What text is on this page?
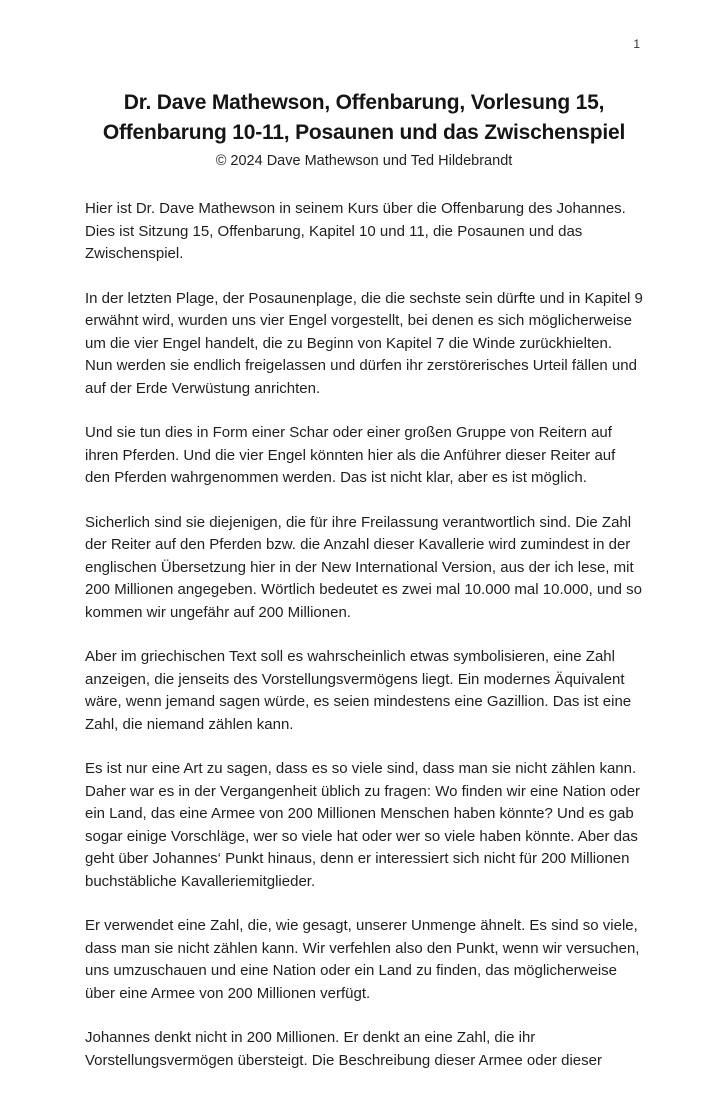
1
Dr. Dave Mathewson, Offenbarung, Vorlesung 15,
Offenbarung 10-11, Posaunen und das Zwischenspiel
© 2024 Dave Mathewson und Ted Hildebrandt

Hier ist Dr. Dave Mathewson in seinem Kurs über die Offenbarung des Johannes. Dies ist Sitzung 15, Offenbarung, Kapitel 10 und 11, die Posaunen und das Zwischenspiel.

In der letzten Plage, der Posaunenplage, die die sechste sein dürfte und in Kapitel 9 erwähnt wird, wurden uns vier Engel vorgestellt, bei denen es sich möglicherweise um die vier Engel handelt, die zu Beginn von Kapitel 7 die Winde zurückhielten. Nun werden sie endlich freigelassen und dürfen ihr zerstörerisches Urteil fällen und auf der Erde Verwüstung anrichten.

Und sie tun dies in Form einer Schar oder einer großen Gruppe von Reitern auf ihren Pferden. Und die vier Engel könnten hier als die Anführer dieser Reiter auf den Pferden wahrgenommen werden. Das ist nicht klar, aber es ist möglich.

Sicherlich sind sie diejenigen, die für ihre Freilassung verantwortlich sind. Die Zahl der Reiter auf den Pferden bzw. die Anzahl dieser Kavallerie wird zumindest in der englischen Übersetzung hier in der New International Version, aus der ich lese, mit 200 Millionen angegeben. Wörtlich bedeutet es zwei mal 10.000 mal 10.000, und so kommen wir ungefähr auf 200 Millionen.

Aber im griechischen Text soll es wahrscheinlich etwas symbolisieren, eine Zahl anzeigen, die jenseits des Vorstellungsvermögens liegt. Ein modernes Äquivalent wäre, wenn jemand sagen würde, es seien mindestens eine Gazillion. Das ist eine Zahl, die niemand zählen kann.

Es ist nur eine Art zu sagen, dass es so viele sind, dass man sie nicht zählen kann. Daher war es in der Vergangenheit üblich zu fragen: Wo finden wir eine Nation oder ein Land, das eine Armee von 200 Millionen Menschen haben könnte? Und es gab sogar einige Vorschläge, wer so viele hat oder wer so viele haben könnte. Aber das geht über Johannes‘ Punkt hinaus, denn er interessiert sich nicht für 200 Millionen buchstäbliche Kavalleriemitglieder.

Er verwendet eine Zahl, die, wie gesagt, unserer Unmenge ähnelt. Es sind so viele, dass man sie nicht zählen kann. Wir verfehlen also den Punkt, wenn wir versuchen, uns umzuschauen und eine Nation oder ein Land zu finden, das möglicherweise über eine Armee von 200 Millionen verfügt.

Johannes denkt nicht in 200 Millionen. Er denkt an eine Zahl, die ihr Vorstellungsvermögen übersteigt. Die Beschreibung dieser Armee oder dieser
